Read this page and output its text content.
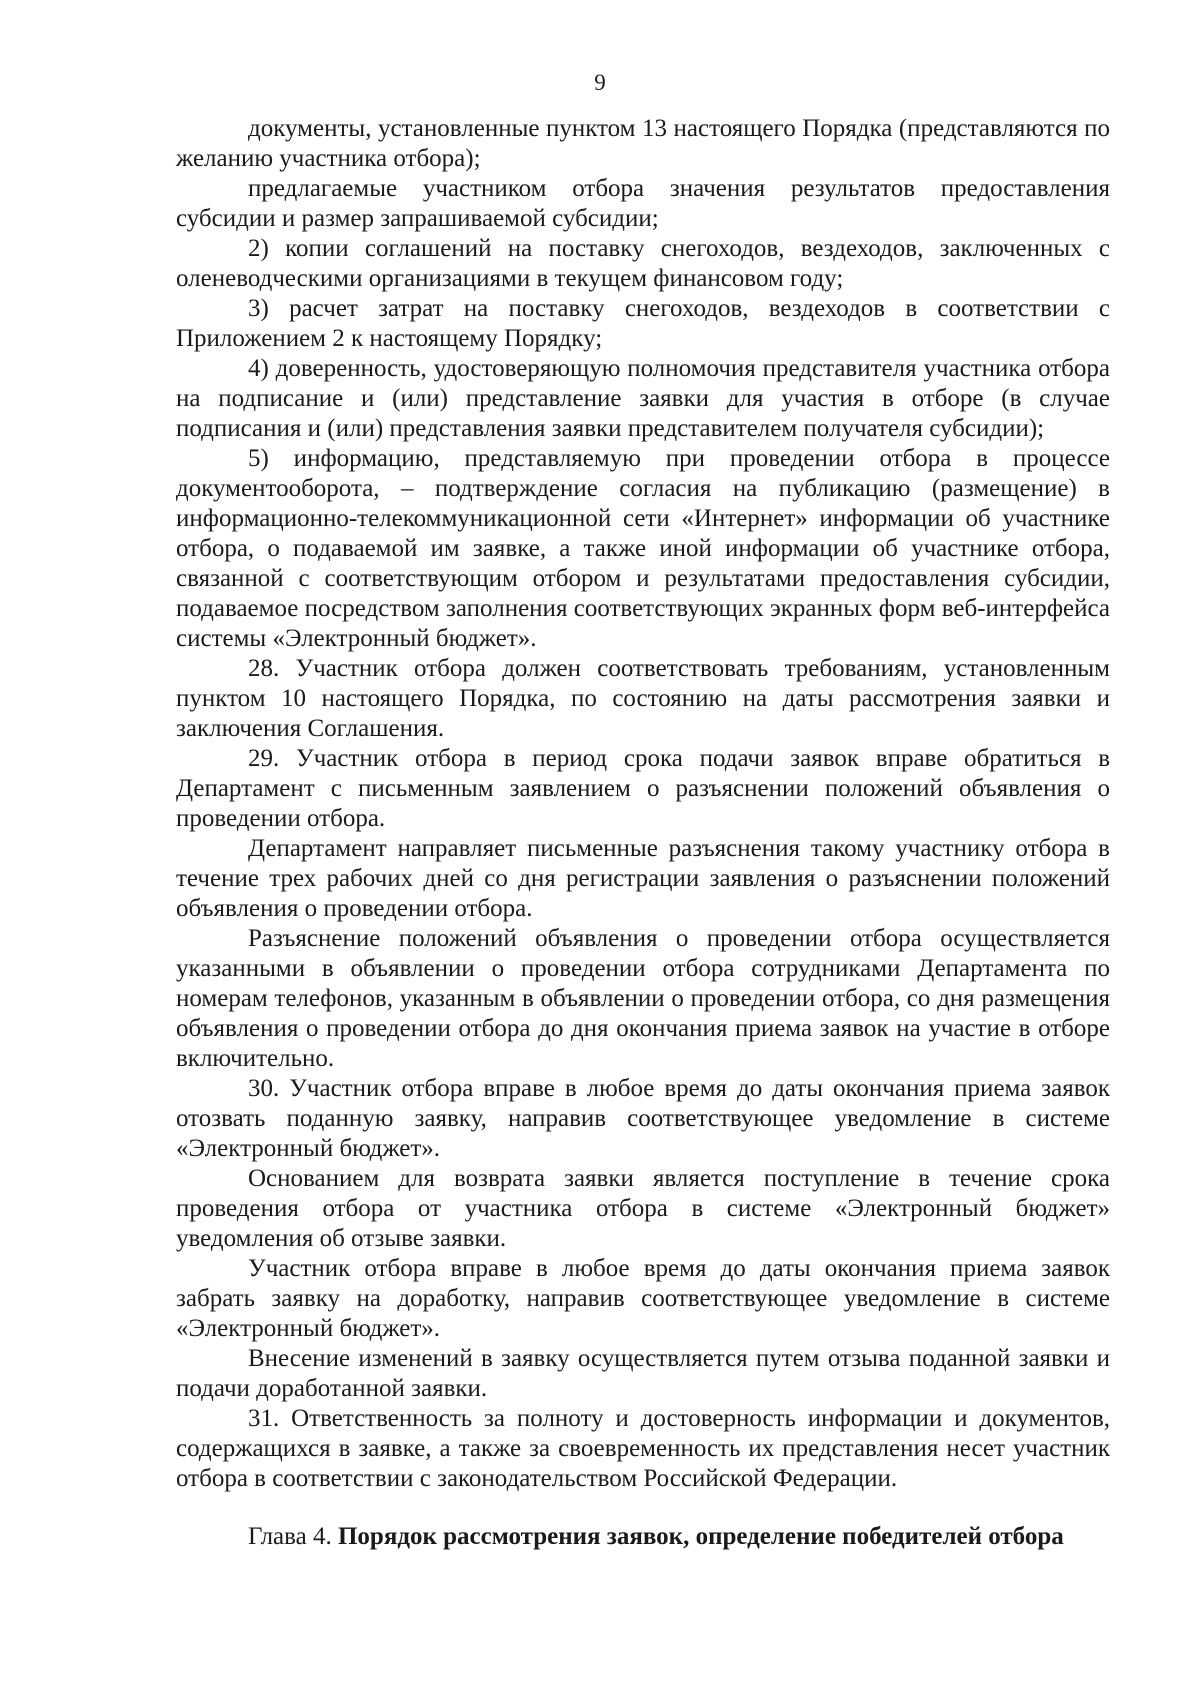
9

документы, установленные пунктом 13 настоящего Порядка (представляются по желанию участника отбора);

предлагаемые участником отбора значения результатов предоставления субсидии и размер запрашиваемой субсидии;

2) копии соглашений на поставку снегоходов, вездеходов, заключенных с оленеводческими организациями в текущем финансовом году;

3) расчет затрат на поставку снегоходов, вездеходов в соответствии с Приложением 2 к настоящему Порядку;

4) доверенность, удостоверяющую полномочия представителя участника отбора на подписание и (или) представление заявки для участия в отборе (в случае подписания и (или) представления заявки представителем получателя субсидии);

5) информацию, представляемую при проведении отбора в процессе документооборота, – подтверждение согласия на публикацию (размещение) в информационно-телекоммуникационной сети «Интернет» информации об участнике отбора, о подаваемой им заявке, а также иной информации об участнике отбора, связанной с соответствующим отбором и результатами предоставления субсидии, подаваемое посредством заполнения соответствующих экранных форм веб-интерфейса системы «Электронный бюджет».

28. Участник отбора должен соответствовать требованиям, установленным пунктом 10 настоящего Порядка, по состоянию на даты рассмотрения заявки и заключения Соглашения.

29. Участник отбора в период срока подачи заявок вправе обратиться в Департамент с письменным заявлением о разъяснении положений объявления о проведении отбора.

Департамент направляет письменные разъяснения такому участнику отбора в течение трех рабочих дней со дня регистрации заявления о разъяснении положений объявления о проведении отбора.

Разъяснение положений объявления о проведении отбора осуществляется указанными в объявлении о проведении отбора сотрудниками Департамента по номерам телефонов, указанным в объявлении о проведении отбора, со дня размещения объявления о проведении отбора до дня окончания приема заявок на участие в отборе включительно.

30. Участник отбора вправе в любое время до даты окончания приема заявок отозвать поданную заявку, направив соответствующее уведомление в системе «Электронный бюджет».

Основанием для возврата заявки является поступление в течение срока проведения отбора от участника отбора в системе «Электронный бюджет» уведомления об отзыве заявки.

Участник отбора вправе в любое время до даты окончания приема заявок забрать заявку на доработку, направив соответствующее уведомление в системе «Электронный бюджет».

Внесение изменений в заявку осуществляется путем отзыва поданной заявки и подачи доработанной заявки.

31. Ответственность за полноту и достоверность информации и документов, содержащихся в заявке, а также за своевременность их представления несет участник отбора в соответствии с законодательством Российской Федерации.

Глава 4. Порядок рассмотрения заявок, определение победителей отбора
